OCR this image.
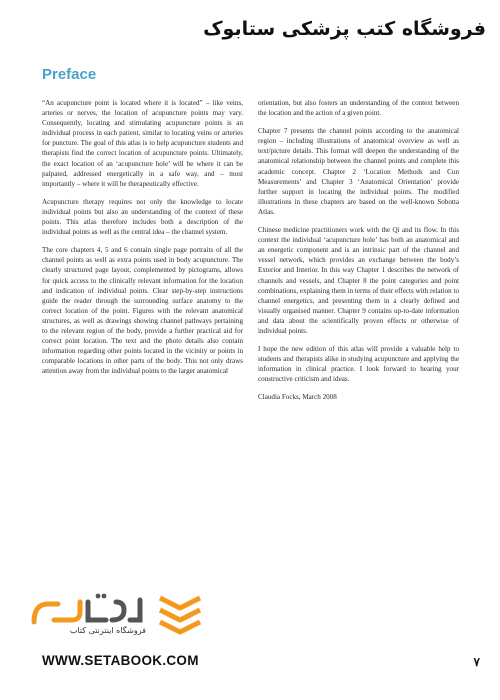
فروشگاه کتب پزشکی ستابوک
Preface

“An acupuncture point is located where it is located” – like veins, arteries or nerves, the location of acupuncture points may vary. Consequently, locating and stimulating acupuncture points is an individual process in each patient, similar to locating veins or arteries for puncture. The goal of this atlas is to help acupuncture students and therapists find the correct location of acupuncture points. Ultimately, the exact location of an ‘acupuncture hole’ will be where it can be palpated, addressed energetically in a safe way, and – most importantly – where it will be therapeutically effective.

Acupuncture therapy requires not only the knowledge to locate individual points but also an understanding of the context of these points. This atlas therefore includes both a description of the individual points as well as the central idea – the channel system.

The core chapters 4, 5 and 6 contain single page portraits of all the channel points as well as extra points used in body acupuncture. The clearly structured page layout, complemented by pictograms, allows for quick access to the clinically relevant information for the location and indication of individual points. Clear step-by-step instructions guide the reader through the surrounding surface anatomy to the correct location of the point. Figures with the relevant anatomical structures, as well as drawings showing channel pathways pertaining to the relevant region of the body, provide a further practical aid for correct point location. The text and the photo details also contain information regarding other points located in the vicinity or points in comparable locations in other parts of the body. This not only draws attention away from the individual points to the larger anatomical

orientation, but also fosters an understanding of the context between the location and the action of a given point.

Chapter 7 presents the channel points according to the anatomical region – including illustrations of anatomical overview as well as text/picture details. This format will deepen the understanding of the anatomical relationship between the channel points and complete this academic concept. Chapter 2 ‘Location Methods and Cun Measurements’ and Chapter 3 ‘Anatomical Orientation’ provide further support in locating the individual points. The modified illustrations in these chapters are based on the well-known Sobotta Atlas.

Chinese medicine practitioners work with the Qi and its flow. In this context the individual ‘acupuncture hole’ has both an anatomical and an energetic component and is an intrinsic part of the channel and vessel network, which provides an exchange between the body’s Exterior and Interior. In this way Chapter 1 describes the network of channels and vessels, and Chapter 8 the point categories and point combinations, explaining them in terms of their effects with relation to channel energetics, and presenting them in a clearly defined and visually organised manner. Chapter 9 contains up-to-date information and data about the scientifically proven effects or otherwise of individual points.

I hope the new edition of this atlas will provide a valuable help to students and therapists alike in studying acupuncture and applying the information in clinical practice. I look forward to hearing your constructive criticism and ideas.

Claudia Focks, March 2008

فروشگاه اینترنتی کتاب
WWW.SETABOOK.COM	۷
